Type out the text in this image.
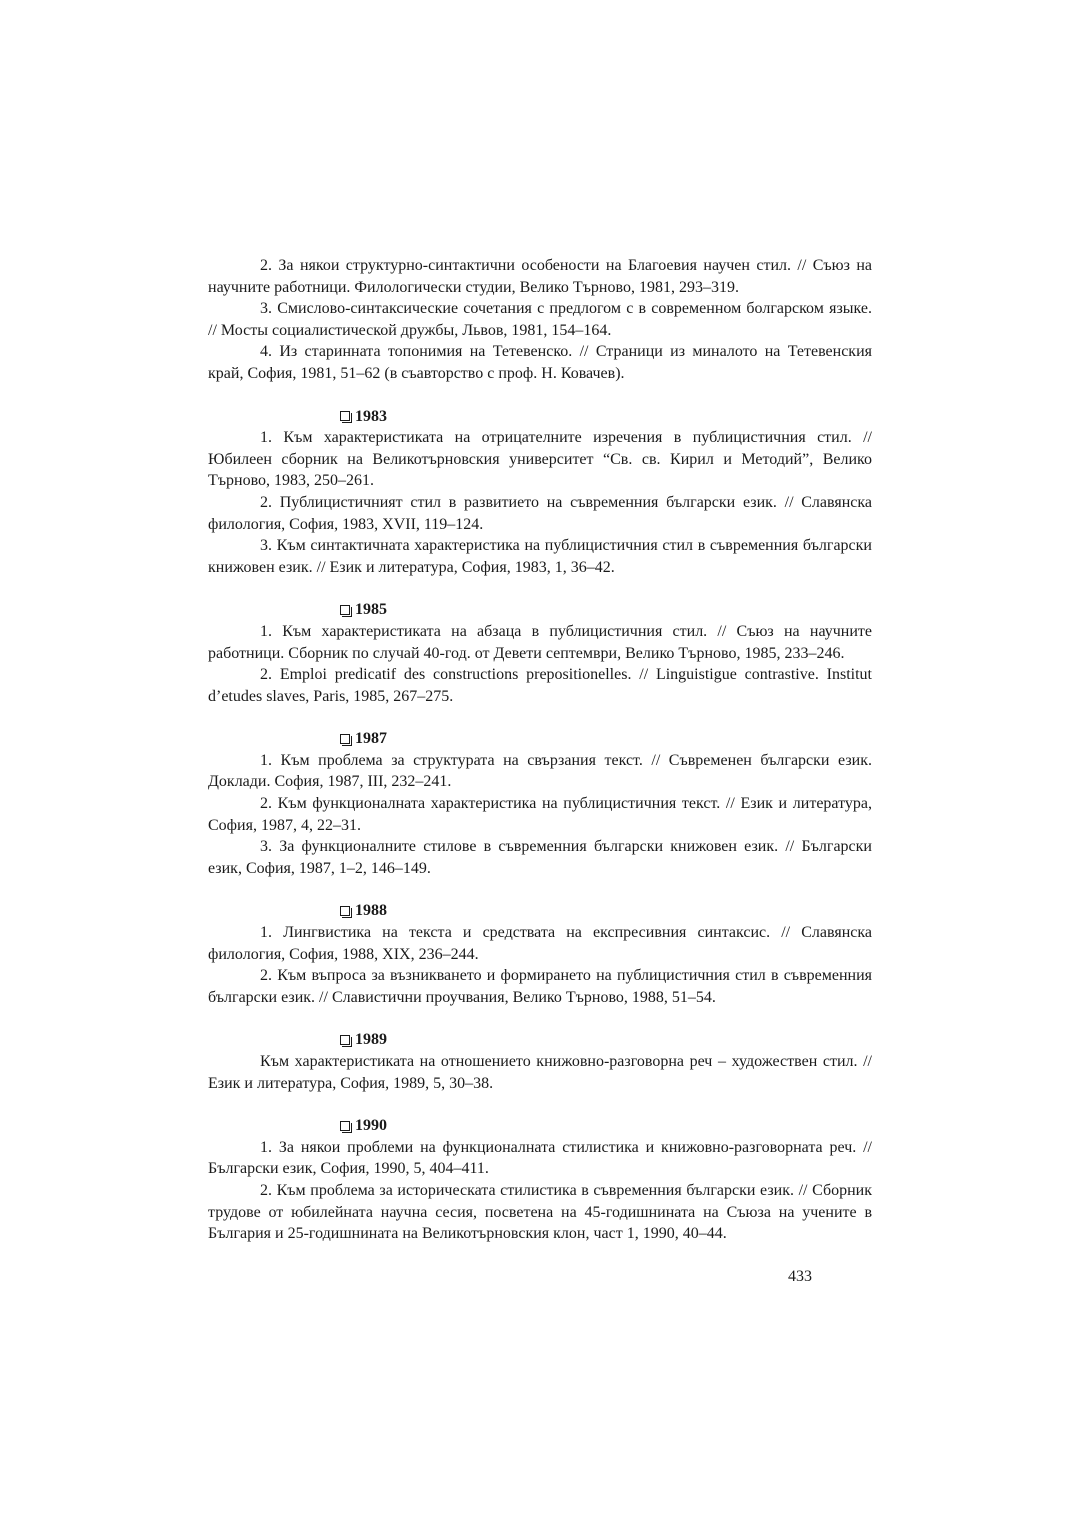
2. За някои структурно-синтактични особености на Благоевия научен стил. // Съюз на научните работници. Филологически студии, Велико Търново, 1981, 293–319.

3. Смислово-синтаксические сочетания с предлогом с в современном болгарском языке. // Мосты социалистической дружбы, Львов, 1981, 154–164.

4. Из старинната топонимия на Тетевенско. // Страници из миналото на Тетевенския край, София, 1981, 51–62 (в съавторство с проф. Н. Ковачев).

1983

1. Към характеристиката на отрицателните изречения в публицистичния стил. // Юбилеен сборник на Великотърновския университет “Св. св. Кирил и Методий”, Велико Търново, 1983, 250–261.

2. Публицистичният стил в развитието на съвременния български език. // Славянска филология, София, 1983, XVII, 119–124.

3. Към синтактичната характеристика на публицистичния стил в съвременния български книжовен език. // Език и литература, София, 1983, 1, 36–42.

1985

1. Към характеристиката на абзаца в публицистичния стил. // Съюз на научните работници. Сборник по случай 40-год. от Девети септември, Велико Търново, 1985, 233–246.

2. Emploi predicatif des constructions prepositionelles. // Linguistigue contrastive. Institut d’etudes slaves, Paris, 1985, 267–275.

1987

1. Към проблема за структурата на свързания текст. // Съвременен български език. Доклади. София, 1987, III, 232–241.

2. Към функционалната характеристика на публицистичния текст. // Език и литература, София, 1987, 4, 22–31.

3. За функционалните стилове в съвременния български книжовен език. // Български език, София, 1987, 1–2, 146–149.

1988

1. Лингвистика на текста и средствата на експресивния синтаксис. // Славянска филология, София, 1988, XIX, 236–244.

2. Към въпроса за възникването и формирането на публицистичния стил в съвременния български език. // Славистични проучвания, Велико Търново, 1988, 51–54.

1989

Към характеристиката на отношението книжовно-разговорна реч – художествен стил. // Език и литература, София, 1989, 5, 30–38.

1990

1. За някои проблеми на функционалната стилистика и книжовно-разговорната реч. // Български език, София, 1990, 5, 404–411.

2. Към проблема за историческата стилистика в съвременния български език. // Сборник трудове от юбилейната научна сесия, посветена на 45-годишнината на Съюза на учените в България и 25-годишнината на Великотърновския клон, част 1, 1990, 40–44.

433
